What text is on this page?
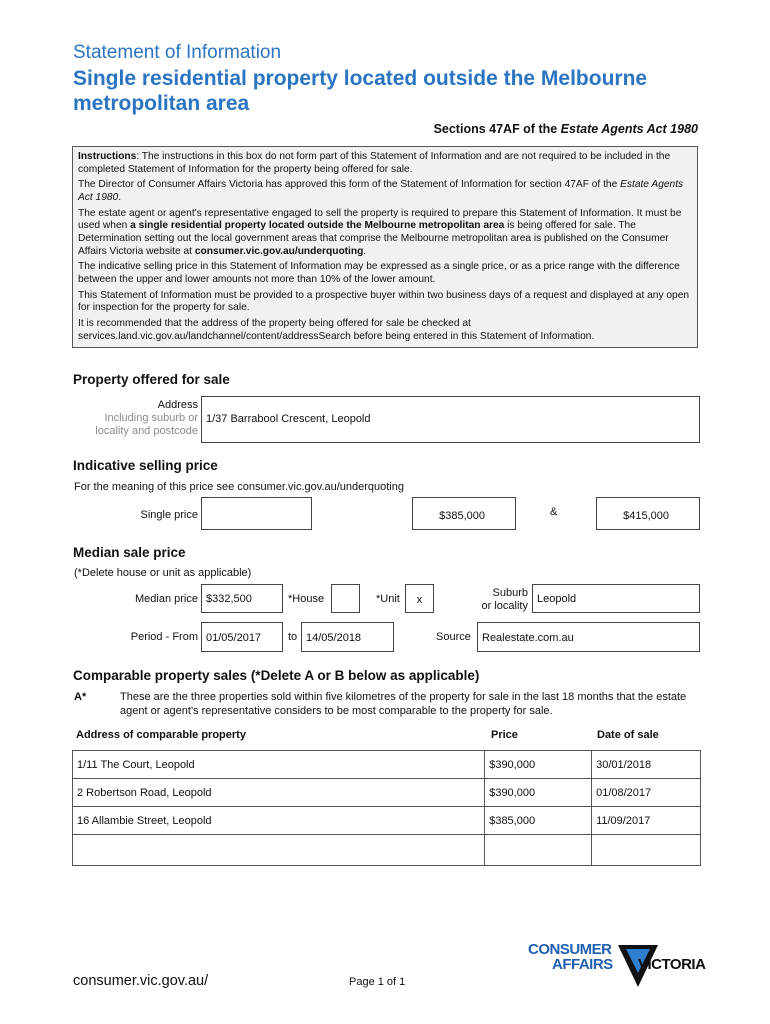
Statement of Information
Single residential property located outside the Melbourne metropolitan area
Sections 47AF of the Estate Agents Act 1980

Instructions: The instructions in this box do not form part of this Statement of Information and are not required to be included in the completed Statement of Information for the property being offered for sale.

The Director of Consumer Affairs Victoria has approved this form of the Statement of Information for section 47AF of the Estate Agents Act 1980.

The estate agent or agent's representative engaged to sell the property is required to prepare this Statement of Information. It must be used when a single residential property located outside the Melbourne metropolitan area is being offered for sale. The Determination setting out the local government areas that comprise the Melbourne metropolitan area is published on the Consumer Affairs Victoria website at consumer.vic.gov.au/underquoting.

The indicative selling price in this Statement of Information may be expressed as a single price, or as a price range with the difference between the upper and lower amounts not more than 10% of the lower amount.

This Statement of Information must be provided to a prospective buyer within two business days of a request and displayed at any open for inspection for the property for sale.

It is recommended that the address of the property being offered for sale be checked at services.land.vic.gov.au/landchannel/content/addressSearch before being entered in this Statement of Information.

Property offered for sale
Address
Including suburb or
locality and postcode
1/37 Barrabool Crescent, Leopold
Indicative selling price
For the meaning of this price see consumer.vic.gov.au/underquoting
Single price	$385,000	&	$415,000
Median sale price
(*Delete house or unit as applicable)
Median price $332,500	*House	*Unit	x
Suburb
or locality
Leopold
Period - From 01/05/2017	to 14/05/2018	Source	Realestate.com.au
Comparable property sales (*Delete A or B below as applicable)
A*	These are the three properties sold within five kilometres of the property for sale in the last 18 months that the estate agent or agent's representative considers to be most comparable to the property for sale.
Address of comparable property	Price	Date of sale
1/11 The Court, Leopold	$390,000	30/01/2018
2 Robertson Road, Leopold	$390,000	01/08/2017
16 Allambie Street, Leopold	$385,000	11/09/2017

CONSUMER
AFFAIRS VICTORIA
consumer.vic.gov.au/	Page 1 of 1
